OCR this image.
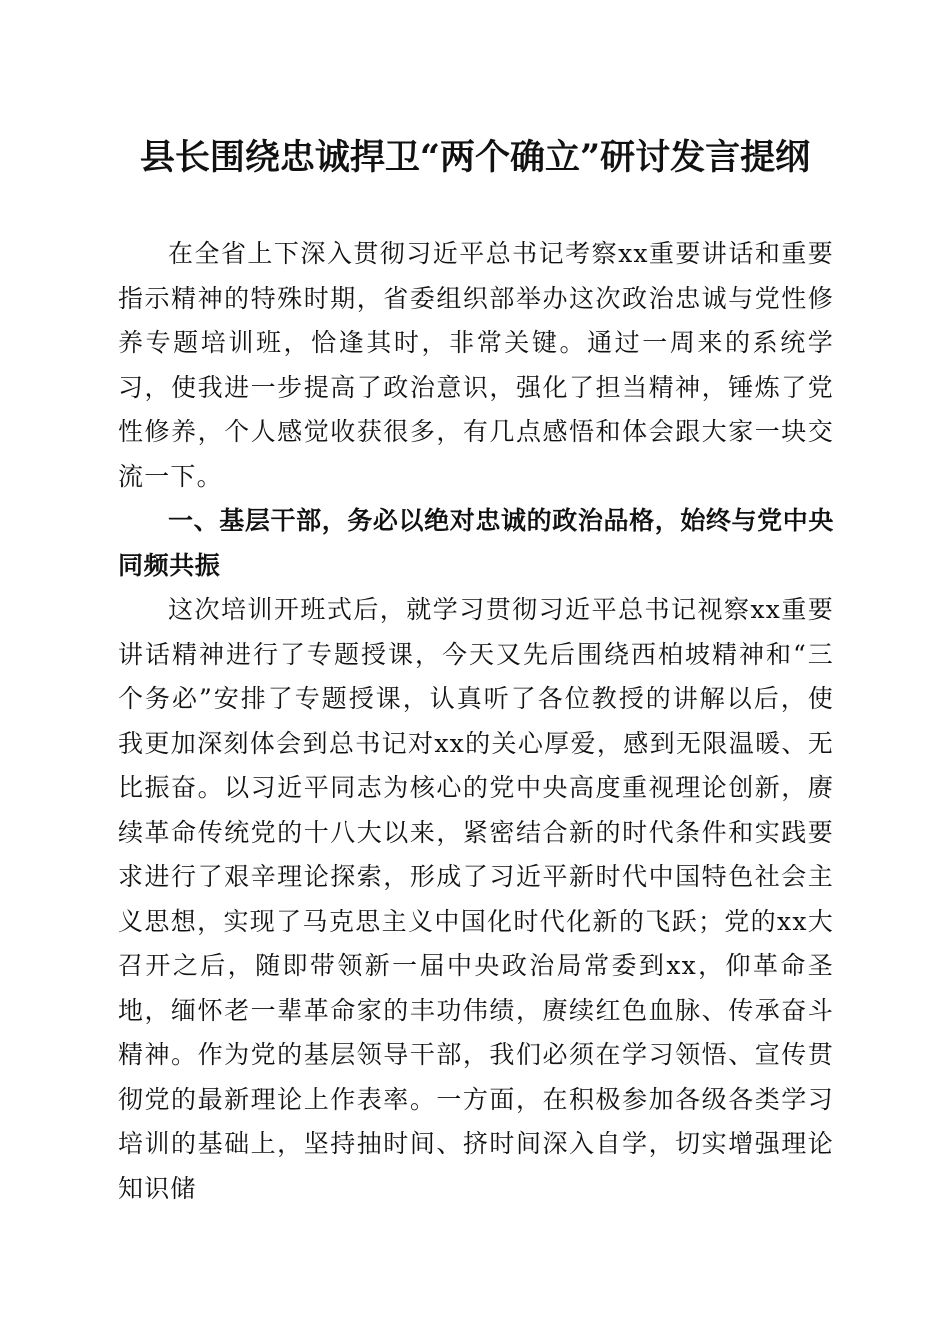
县长围绕忠诚捍卫“两个确立”研讨发言提纲

在全省上下深入贯彻习近平总书记考察xx重要讲话和重要指示精神的特殊时期，省委组织部举办这次政治忠诚与党性修养专题培训班，恰逢其时，非常关键。通过一周来的系统学习，使我进一步提高了政治意识，强化了担当精神，锤炼了党性修养，个人感觉收获很多，有几点感悟和体会跟大家一块交流一下。

一、基层干部，务必以绝对忠诚的政治品格，始终与党中央同频共振

这次培训开班式后，就学习贯彻习近平总书记视察xx重要讲话精神进行了专题授课，今天又先后围绕西柏坡精神和“三个务必”安排了专题授课，认真听了各位教授的讲解以后，使我更加深刻体会到总书记对xx的关心厚爱，感到无限温暖、无比振奋。以习近平同志为核心的党中央高度重视理论创新，赓续革命传统党的十八大以来，紧密结合新的时代条件和实践要求进行了艰辛理论探索，形成了习近平新时代中国特色社会主义思想，实现了马克思主义中国化时代化新的飞跃；党的xx大召开之后，随即带领新一届中央政治局常委到xx，仰革命圣地，缅怀老一辈革命家的丰功伟绩，赓续红色血脉、传承奋斗精神。作为党的基层领导干部，我们必须在学习领悟、宣传贯彻党的最新理论上作表率。一方面，在积极参加各级各类学习培训的基础上，坚持抽时间、挤时间深入自学，切实增强理论知识储
